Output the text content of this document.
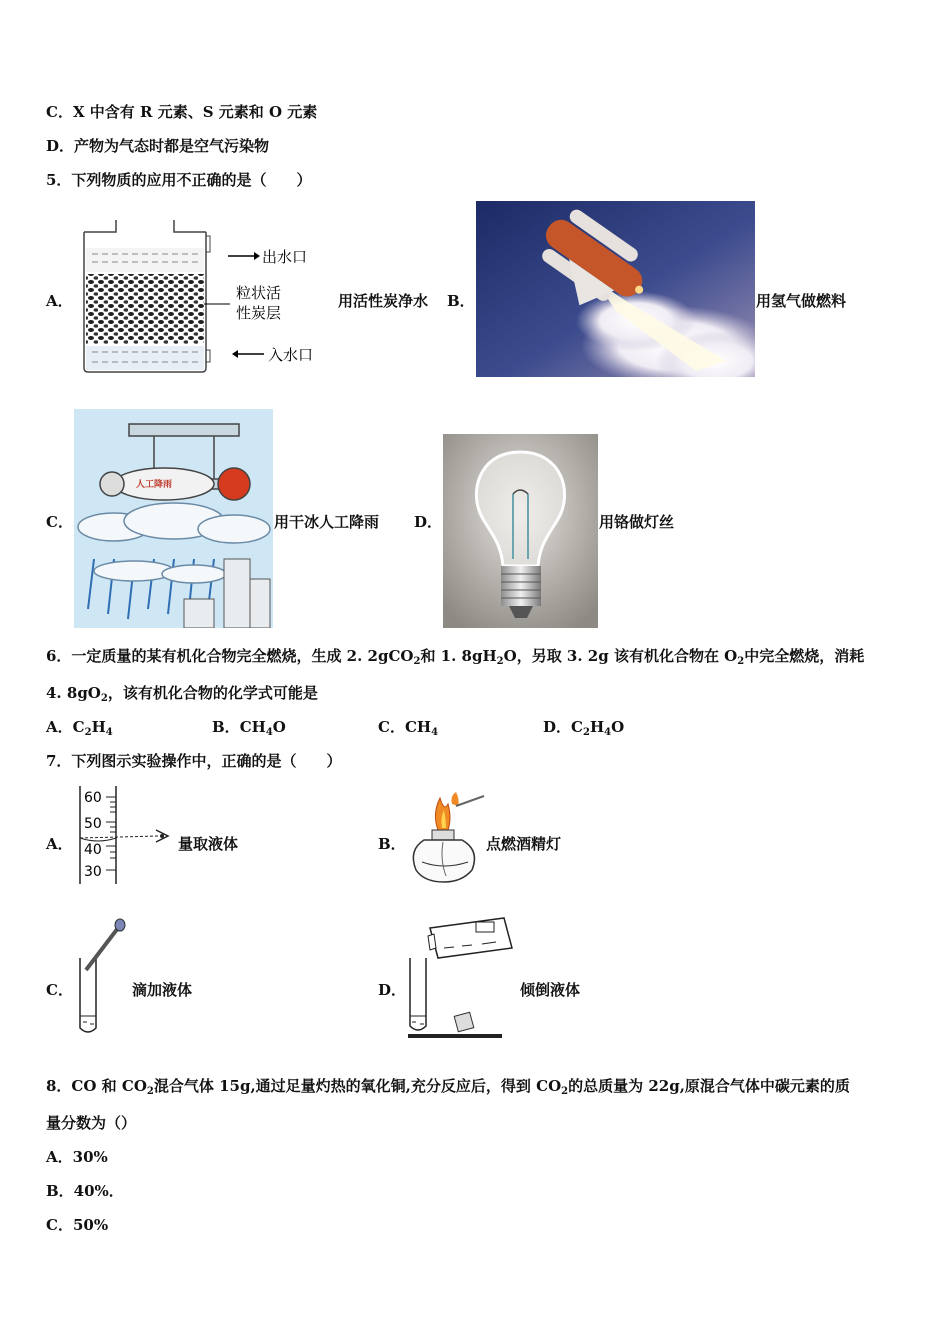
C．X 中含有 R 元素、S 元素和 O 元素
D．产物为气态时都是空气污染物
5．下列物质的应用不正确的是（　　）
A．
出水口
粒状活
性炭层
入水口
用活性炭净水 B．	用氢气做燃料
C．
人工降雨
用干冰人工降雨 D．	用铬做灯丝
6．一定质量的某有机化合物完全燃烧，生成 2. 2gCO$_2$和 1. $8gH_2O$，另取 3. 2g 该有机化合物在 $O_2$中完全燃烧，消耗
4. $8gO_2$，该有机化合物的化学式可能是
A．$C_2H_4$	B．$CH_4O$	C．$CH_4$	D．$C_2H_4O$
7．下列图示实验操作中，正确的是（　　）
A．
60
50
40
30
量取液体	B．	点燃酒精灯
C．	滴加液体	D．	倾倒液体
8．CO 和 $CO_2$混合气体 15g,通过足量灼热的氧化铜,充分反应后，得到 $CO_2$的总质量为 22g,原混合气体中碳元素的质
量分数为（）
A．30%
B．40%．
C．50%
